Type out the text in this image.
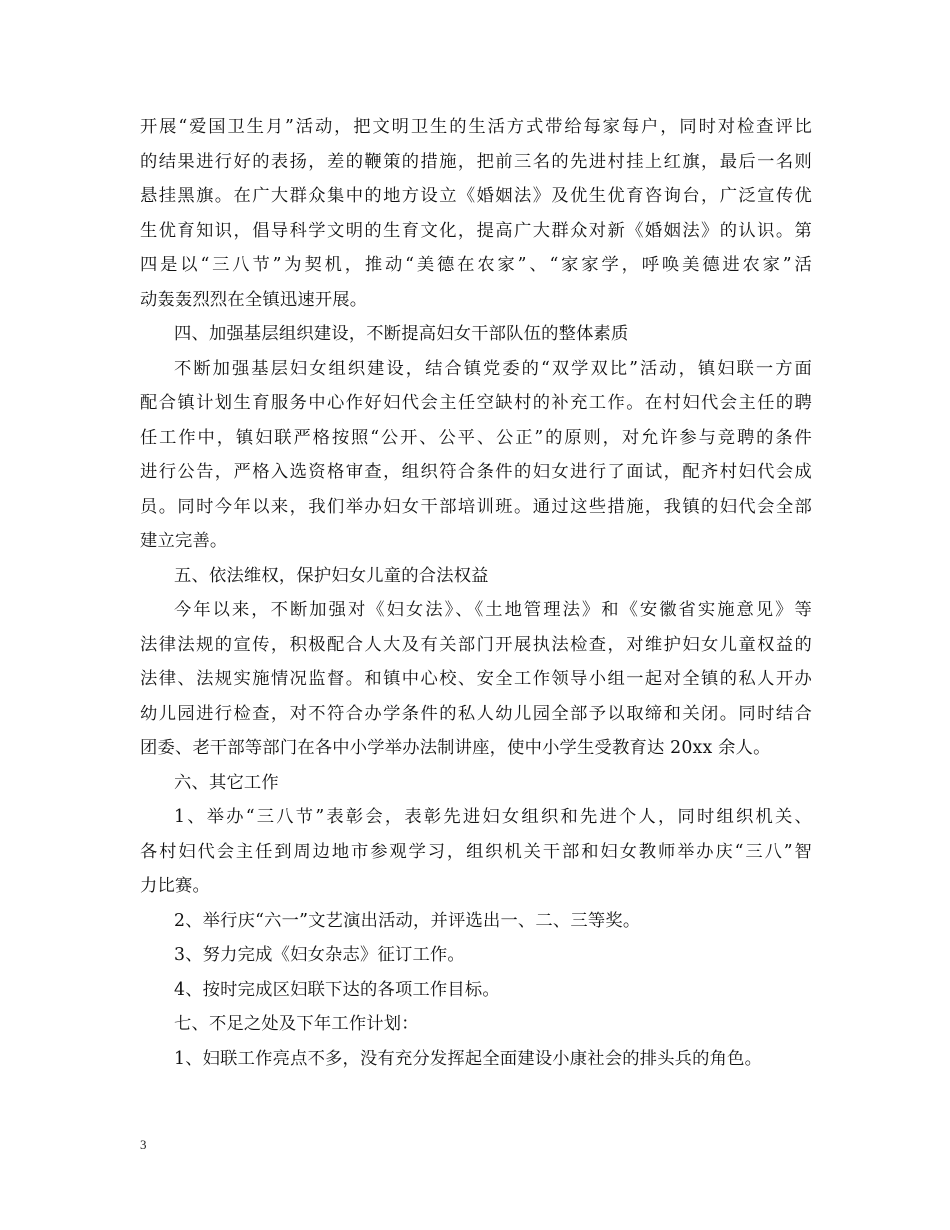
开展“爱国卫生月”活动，把文明卫生的生活方式带给每家每户，同时对检查评比
的结果进行好的表扬，差的鞭策的措施，把前三名的先进村挂上红旗，最后一名则
悬挂黑旗。在广大群众集中的地方设立《婚姻法》及优生优育咨询台，广泛宣传优
生优育知识，倡导科学文明的生育文化，提高广大群众对新《婚姻法》的认识。第
四是以“三八节”为契机，推动“美德在农家”、“家家学，呼唤美德进农家”活
动轰轰烈烈在全镇迅速开展。
四、加强基层组织建设，不断提高妇女干部队伍的整体素质
不断加强基层妇女组织建设，结合镇党委的“双学双比”活动，镇妇联一方面
配合镇计划生育服务中心作好妇代会主任空缺村的补充工作。在村妇代会主任的聘
任工作中，镇妇联严格按照“公开、公平、公正”的原则，对允许参与竞聘的条件
进行公告，严格入选资格审查，组织符合条件的妇女进行了面试，配齐村妇代会成
员。同时今年以来，我们举办妇女干部培训班。通过这些措施，我镇的妇代会全部
建立完善。
五、依法维权，保护妇女儿童的合法权益
今年以来，不断加强对《妇女法》、《土地管理法》和《安徽省实施意见》等
法律法规的宣传，积极配合人大及有关部门开展执法检查，对维护妇女儿童权益的
法律、法规实施情况监督。和镇中心校、安全工作领导小组一起对全镇的私人开办
幼儿园进行检查，对不符合办学条件的私人幼儿园全部予以取缔和关闭。同时结合
团委、老干部等部门在各中小学举办法制讲座，使中小学生受教育达 20xx 余人。
六、其它工作
1、举办“三八节”表彰会，表彰先进妇女组织和先进个人，同时组织机关、
各村妇代会主任到周边地市参观学习，组织机关干部和妇女教师举办庆“三八”智
力比赛。
2、举行庆“六一”文艺演出活动，并评选出一、二、三等奖。
3、努力完成《妇女杂志》征订工作。
4、按时完成区妇联下达的各项工作目标。
七、不足之处及下年工作计划：
1、妇联工作亮点不多，没有充分发挥起全面建设小康社会的排头兵的角色。
3
